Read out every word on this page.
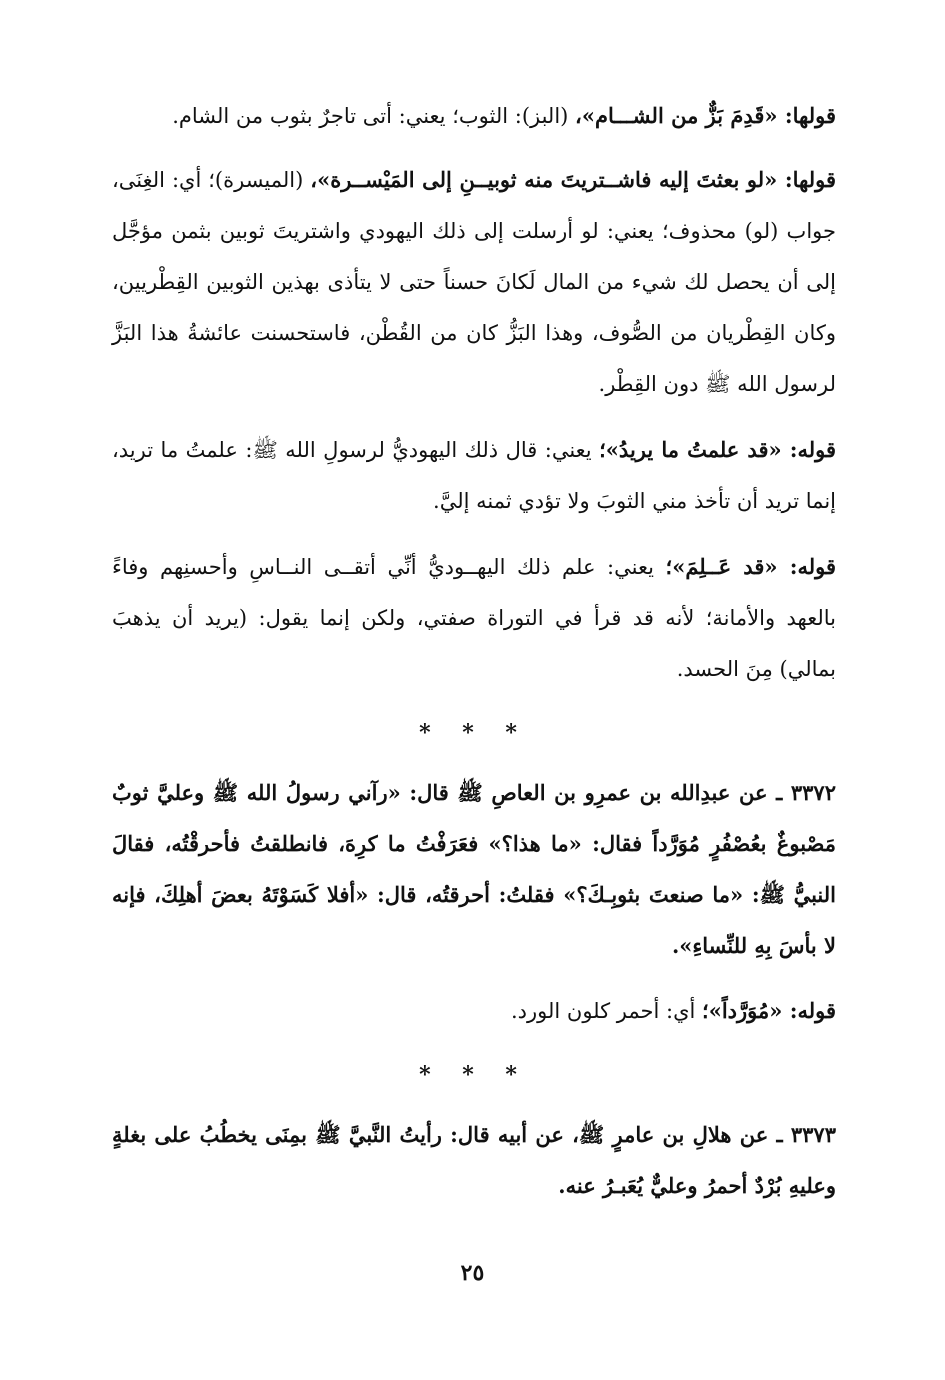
قولها: «قَدِمَ بَزٌّ من الشـــام»، (البز): الثوب؛ يعني: أتى تاجرٌ بثوب من الشام.

قولها: «لو بعثتَ إليه فاشــتريتَ منه ثوبيــنِ إلى المَيْســرة»، (الميسرة)؛ أي: الغِنَى، جواب (لو) محذوف؛ يعني: لو أرسلت إلى ذلك اليهودي واشتريتَ ثوبين بثمن مؤجَّل إلى أن يحصل لك شيء من المال لَكانَ حسناً حتى لا يتأذى بهذين الثوبين القِطْريين، وكان القِطْريان من الصُّوف، وهذا البَزُّ كان من القُطْن، فاستحسنت عائشةُ هذا البَزَّ لرسول الله ﷺ دون القِطْر.

قوله: «قد علمتُ ما يريدُ»؛ يعني: قال ذلك اليهوديُّ لرسولِ الله ﷺ: علمتُ ما تريد، إنما تريد أن تأخذ مني الثوبَ ولا تؤدي ثمنه إليَّ.

قوله: «قد عَــلِمَ»؛ يعني: علم ذلك اليهــوديُّ أنِّي أتقــى النــاسِ وأحسنِهم وفاءً بالعهد والأمانة؛ لأنه قد قرأ في التوراة صفتي، ولكن إنما يقول: (يريد أن يذهبَ بمالي) مِنَ الحسد.

* * *

٣٣٧٢ ـ عن عبدِالله بن عمرِو بن العاصِ ﷺ قال: «رآني رسولُ الله ﷺ وعليَّ ثوبٌ مَصْبوغٌ بعُصْفُرٍ مُوَرَّداً فقال: «ما هذا؟» فعَرَفْتُ ما كرِهَ، فانطلقتُ فأحرقْتُه، فقالَ النبيُّ ﷺ: «ما صنعتَ بثوبِـكَ؟» فقلتُ: أحرقتُه، قال: «أفلا كَسَوْتَهُ بعضَ أهلِكَ، فإنه لا بأسَ بِهِ للنِّساءِ».

قوله: «مُوَرَّداً»؛ أي: أحمر كلون الورد.

* * *

٣٣٧٣ ـ عن هلالِ بن عامرٍ ﷺ، عن أبيه قال: رأيتُ النَّبيَّ ﷺ بمِنَى يخطُبُ على بغلةٍ وعليهِ بُرْدٌ أحمرُ وعليٌّ يُعَبـرُ عنه.

٢٥
